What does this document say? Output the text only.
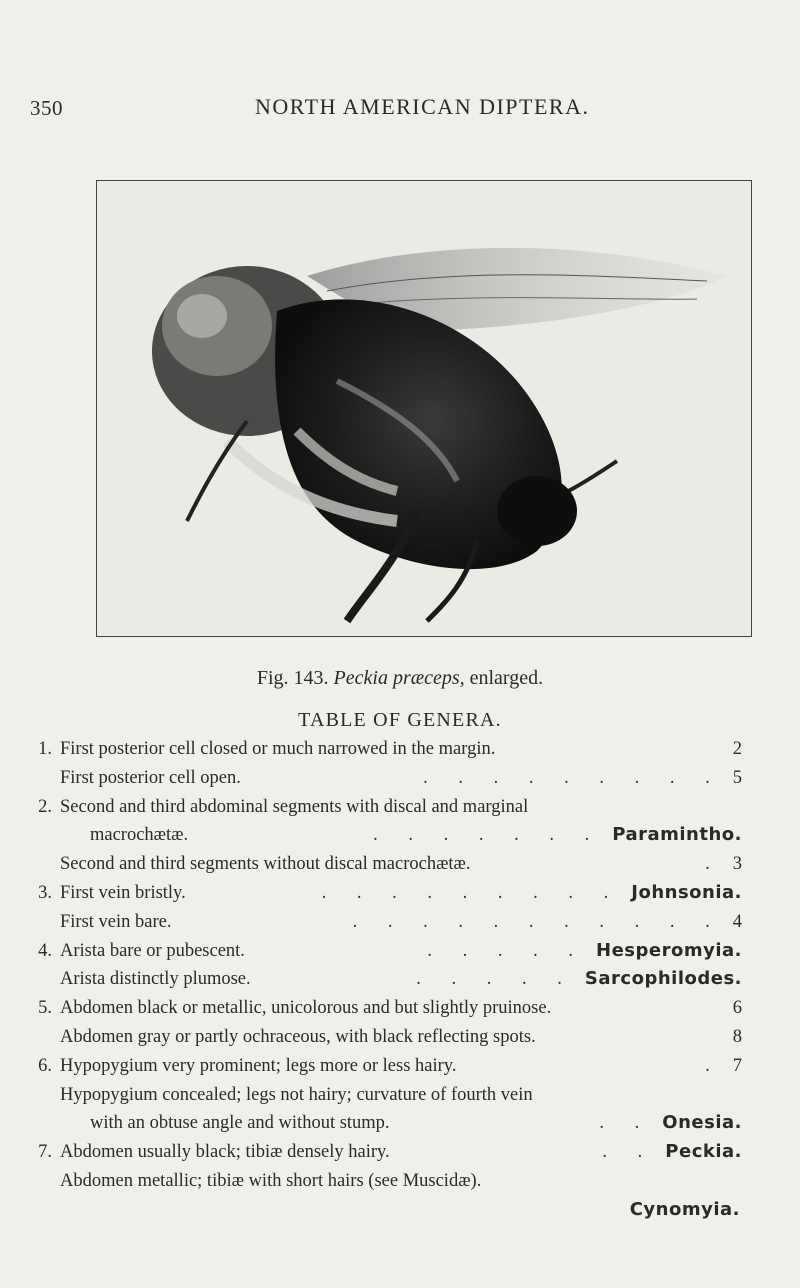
350	NORTH AMERICAN DIPTERA.
Fig. 143. Peckia præceps, enlarged.
TABLE OF GENERA.
1. First posterior cell closed or much narrowed in the margin.	2
First posterior cell open.	. . . . . . . . . 5
2. Second and third abdominal segments with discal and marginal
macrochætæ.	. . . . . . . Paramintho.
Second and third segments without discal macrochætæ.	. 3
3. First vein bristly.	. . . . . . . . . Johnsonia.
First vein bare.	. . . . . . . . . . . 4
4. Arista bare or pubescent.	. . . . . Hesperomyia.
Arista distinctly plumose.	. . . . . Sarcophilodes.
5. Abdomen black or metallic, unicolorous and but slightly pruinose.	6
Abdomen gray or partly ochraceous, with black reflecting spots.	8
6. Hypopygium very prominent; legs more or less hairy.	. 7
Hypopygium concealed; legs not hairy; curvature of fourth vein
with an obtuse angle and without stump.	. . Onesia.
7. Abdomen usually black; tibiæ densely hairy.	. . Peckia.
Abdomen metallic; tibiæ with short hairs (see Muscidæ).
Cynomyia.
